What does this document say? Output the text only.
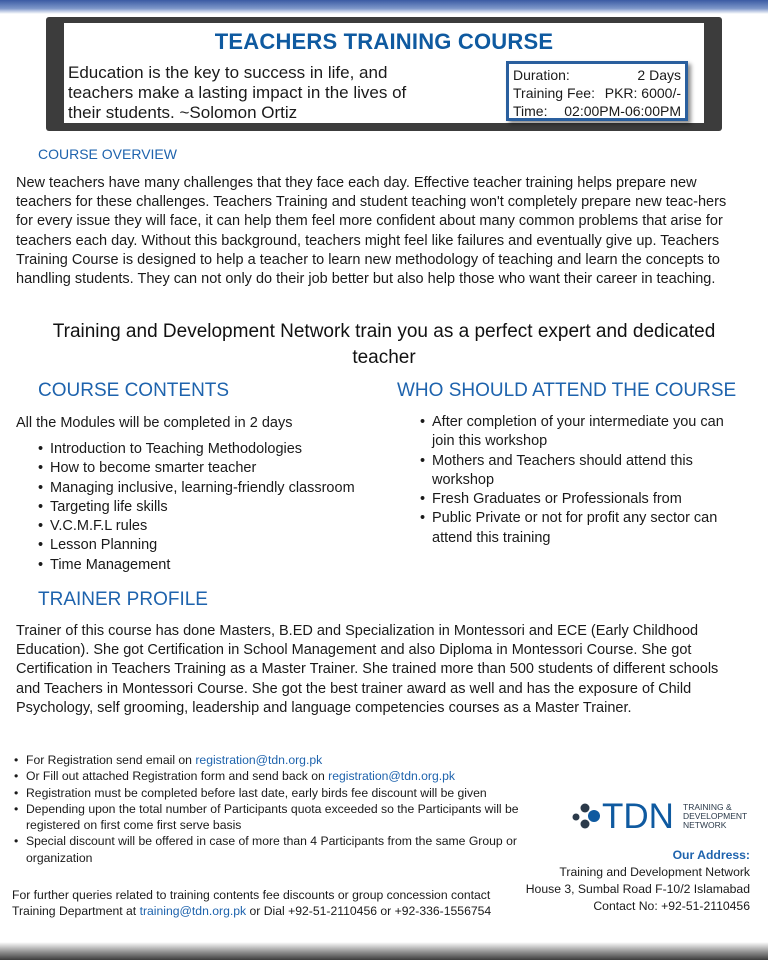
TEACHERS TRAINING COURSE
Education is the key to success in life, and teachers make a lasting impact in the lives of their students. ~Solomon Ortiz
Duration:	2 Days
Training Fee: PKR: 6000/-
Time: 02:00PM-06:00PM
COURSE OVERVIEW
New teachers have many challenges that they face each day. Effective teacher training helps prepare new teachers for these challenges. Teachers Training and student teaching won't completely prepare new teac-hers for every issue they will face, it can help them feel more confident about many common problems that arise for teachers each day. Without this background, teachers might feel like failures and eventually give up. Teachers Training Course is designed to help a teacher to learn new methodology of teaching and learn the concepts to handling students. They can not only do their job better but also help those who want their career in teaching.
Training and Development Network train you as a perfect expert and dedicated teacher
COURSE CONTENTS
All the Modules will be completed in 2 days
• Introduction to Teaching Methodologies
• How to become smarter teacher
• Managing inclusive, learning-friendly classroom
• Targeting life skills
• V.C.M.F.L rules
• Lesson Planning
• Time Management
WHO SHOULD ATTEND THE COURSE
• After completion of your intermediate you can join this workshop
• Mothers and Teachers should attend this workshop
• Fresh Graduates or Professionals from
• Public Private or not for profit any sector can attend this training
TRAINER PROFILE
Trainer of this course has done Masters, B.ED and Specialization in Montessori and ECE (Early Childhood Education). She got Certification in School Management and also Diploma in Montessori Course. She got Certification in Teachers Training as a Master Trainer. She trained more than 500 students of different schools and Teachers in Montessori Course. She got the best trainer award as well and has the exposure of Child Psychology, self grooming, leadership and language competencies courses as a Master Trainer.
• For Registration send email on registration@tdn.org.pk
• Or Fill out attached Registration form and send back on registration@tdn.org.pk
• Registration must be completed before last date, early birds fee discount will be given
• Depending upon the total number of Participants quota exceeded so the Participants will be registered on first come first serve basis
• Special discount will be offered in case of more than 4 Participants from the same Group or organization
For further queries related to training contents fee discounts or group concession contact Training Department at training@tdn.org.pk or Dial +92-51-2110456 or +92-336-1556754
TDN TRAINING &
DEVELOPMENT
NETWORK
Our Address:
Training and Development Network
House 3, Sumbal Road F-10/2 Islamabad
Contact No: +92-51-2110456
